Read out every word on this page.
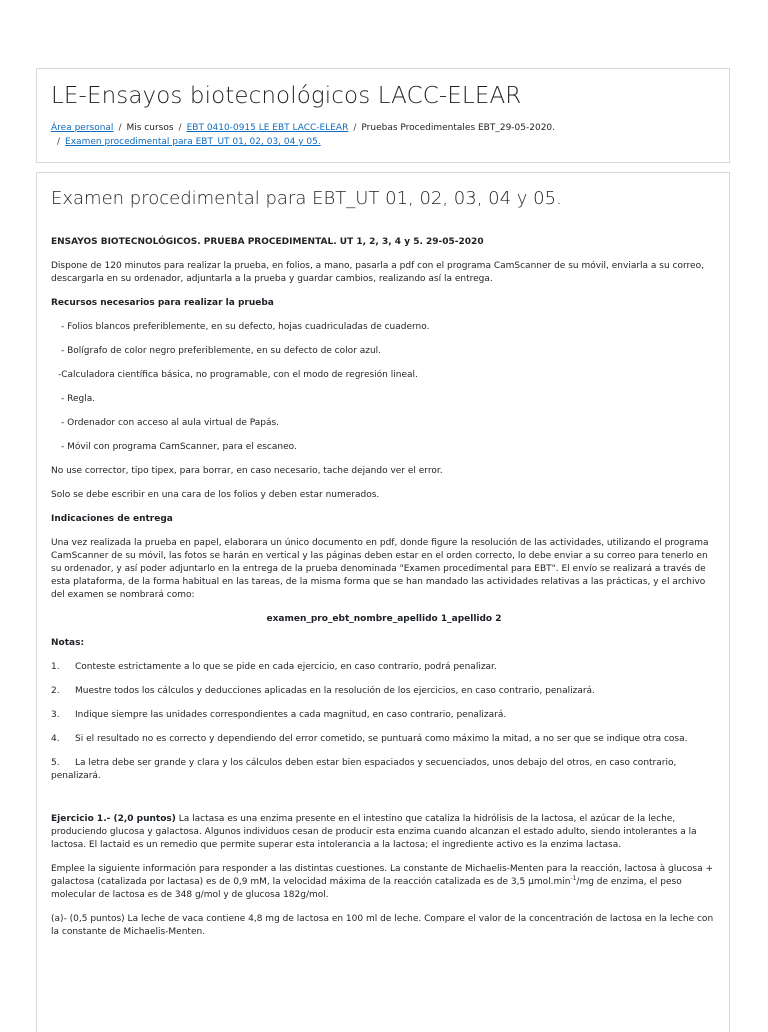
LE-Ensayos biotecnológicos LACC-ELEAR
Área personal / Mis cursos / EBT 0410-0915 LE EBT LACC-ELEAR / Pruebas Procedimentales EBT_29-05-2020.
/ Examen procedimental para EBT_UT 01, 02, 03, 04 y 05.
Examen procedimental para EBT_UT 01, 02, 03, 04 y 05.

ENSAYOS BIOTECNOLÓGICOS. PRUEBA PROCEDIMENTAL. UT 1, 2, 3, 4 y 5. 29-05-2020

Dispone de 120 minutos para realizar la prueba, en folios, a mano, pasarla a pdf con el programa CamScanner de su móvil, enviarla a su correo, descargarla en su ordenador, adjuntarla a la prueba y guardar cambios, realizando así la entrega.

Recursos necesarios para realizar la prueba

- Folios blancos preferiblemente, en su defecto, hojas cuadriculadas de cuaderno.

- Bolígrafo de color negro preferiblemente, en su defecto de color azul.

-Calculadora científica básica, no programable, con el modo de regresión lineal.

- Regla.

- Ordenador con acceso al aula virtual de Papás.

- Móvil con programa CamScanner, para el escaneo.

No use corrector, tipo tipex, para borrar, en caso necesario, tache dejando ver el error.

Solo se debe escribir en una cara de los folios y deben estar numerados.

Indicaciones de entrega

Una vez realizada la prueba en papel, elaborara un único documento en pdf, donde figure la resolución de las actividades, utilizando el programa CamScanner de su móvil, las fotos se harán en vertical y las páginas deben estar en el orden correcto, lo debe enviar a su correo para tenerlo en su ordenador, y así poder adjuntarlo en la entrega de la prueba denominada "Examen procedimental para EBT". El envío se realizará a través de esta plataforma, de la forma habitual en las tareas, de la misma forma que se han mandado las actividades relativas a las prácticas, y el archivo del examen se nombrará como:

examen_pro_ebt_nombre_apellido 1_apellido 2

Notas:

1.	Conteste estrictamente a lo que se pide en cada ejercicio, en caso contrario, podrá penalizar.
2.	Muestre todos los cálculos y deducciones aplicadas en la resolución de los ejercicios, en caso contrario, penalizará.
3.	Indique siempre las unidades correspondientes a cada magnitud, en caso contrario, penalizará.
4.	Si el resultado no es correcto y dependiendo del error cometido, se puntuará como máximo la mitad, a no ser que se indique otra cosa.

5. La letra debe ser grande y clara y los cálculos deben estar bien espaciados y secuenciados, unos debajo del otros, en caso contrario, penalizará.

Ejercicio 1.- (2,0 puntos) La lactasa es una enzima presente en el intestino que cataliza la hidrólisis de la lactosa, el azúcar de la leche, produciendo glucosa y galactosa. Algunos individuos cesan de producir esta enzima cuando alcanzan el estado adulto, siendo intolerantes a la lactosa. El lactaid es un remedio que permite superar esta intolerancia a la lactosa; el ingrediente activo es la enzima lactasa.

Emplee la siguiente información para responder a las distintas cuestiones. La constante de Michaelis-Menten para la reacción, lactosa à glucosa + galactosa (catalizada por lactasa) es de 0,9 mM, la velocidad máxima de la reacción catalizada es de 3,5 $\mu mol.\min^{-1}/mg$ de enzima, el peso molecular de lactosa es de 348 g/mol y de glucosa 182g/mol.

(a)- (0,5 puntos) La leche de vaca contiene 4,8 mg de lactosa en 100 ml de leche. Compare el valor de la concentración de lactosa en la leche con la constante de Michaelis-Menten.
